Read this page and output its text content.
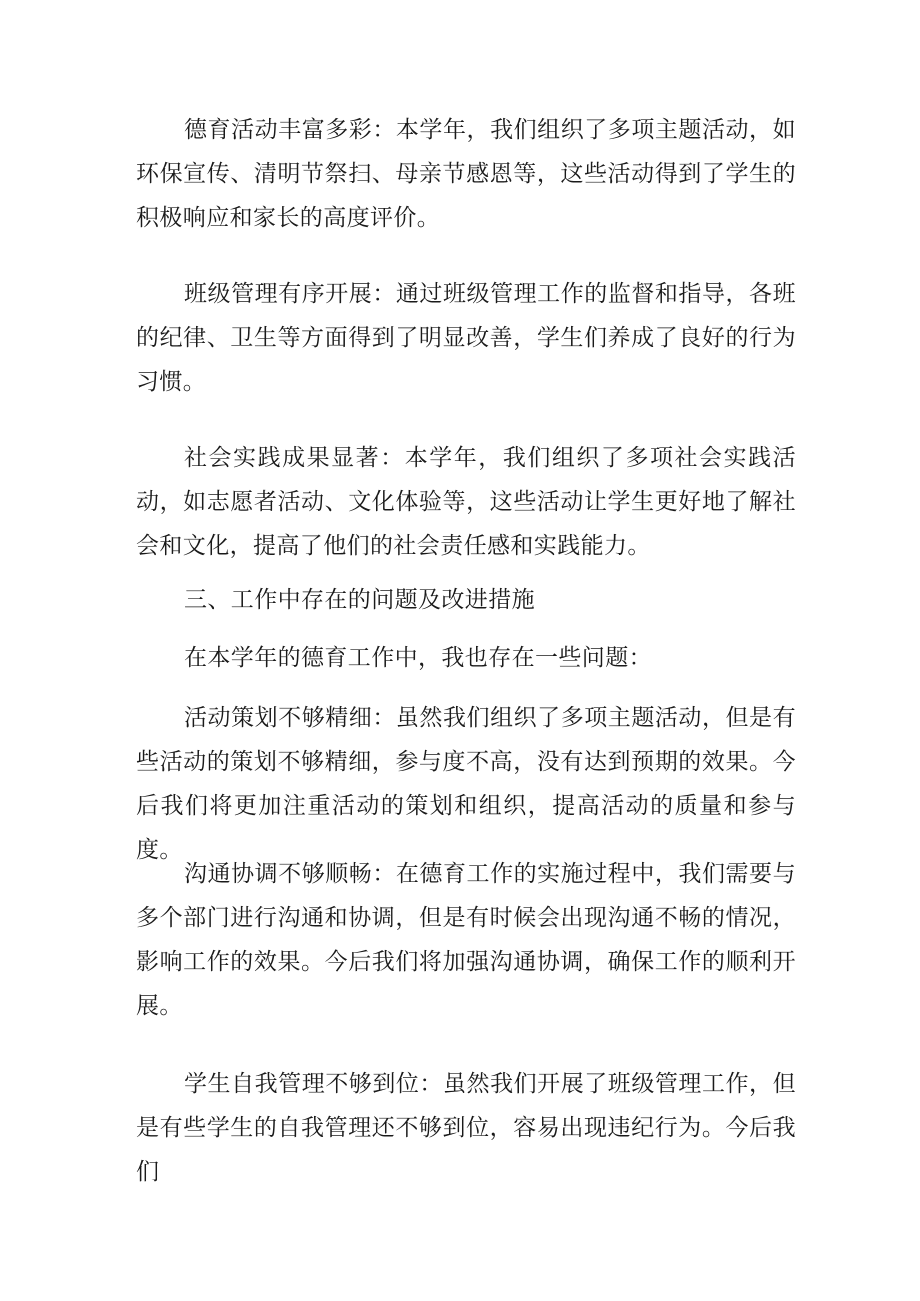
德育活动丰富多彩：本学年，我们组织了多项主题活动，如环保宣传、清明节祭扫、母亲节感恩等，这些活动得到了学生的积极响应和家长的高度评价。

班级管理有序开展：通过班级管理工作的监督和指导，各班的纪律、卫生等方面得到了明显改善，学生们养成了良好的行为习惯。

社会实践成果显著：本学年，我们组织了多项社会实践活动，如志愿者活动、文化体验等，这些活动让学生更好地了解社会和文化，提高了他们的社会责任感和实践能力。

三、工作中存在的问题及改进措施

在本学年的德育工作中，我也存在一些问题：

活动策划不够精细：虽然我们组织了多项主题活动，但是有些活动的策划不够精细，参与度不高，没有达到预期的效果。今后我们将更加注重活动的策划和组织，提高活动的质量和参与度。

沟通协调不够顺畅：在德育工作的实施过程中，我们需要与多个部门进行沟通和协调，但是有时候会出现沟通不畅的情况，影响工作的效果。今后我们将加强沟通协调，确保工作的顺利开展。

学生自我管理不够到位：虽然我们开展了班级管理工作，但是有些学生的自我管理还不够到位，容易出现违纪行为。今后我们
